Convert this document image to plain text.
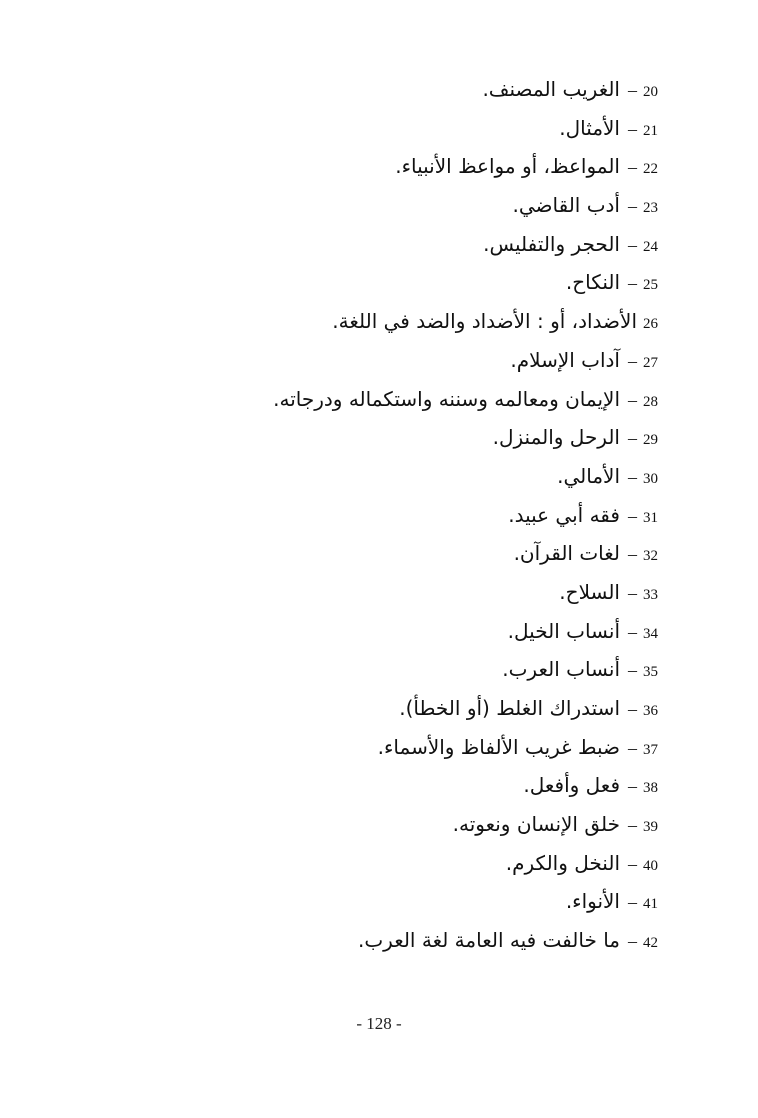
20–الغريب المصنف.
21–الأمثال.
22–المواعظ، أو مواعظ الأنبياء.
23–أدب القاضي.
24–الحجر والتفليس.
25–النكاح.
26الأضداد، أو : الأضداد والضد في اللغة.
27–آداب الإسلام.
28–الإيمان ومعالمه وسننه واستكماله ودرجاته.
29–الرحل والمنزل.
30–الأمالي.
31–فقه أبي عبيد.
32–لغات القرآن.
33–السلاح.
34–أنساب الخيل.
35–أنساب العرب.
36–استدراك الغلط (أو الخطأ).
37–ضبط غريب الألفاظ والأسماء.
38–فعل وأفعل.
39–خلق الإنسان ونعوته.
40–النخل والكرم.
41–الأنواء.
42–ما خالفت فيه العامة لغة العرب.
- 128 -
